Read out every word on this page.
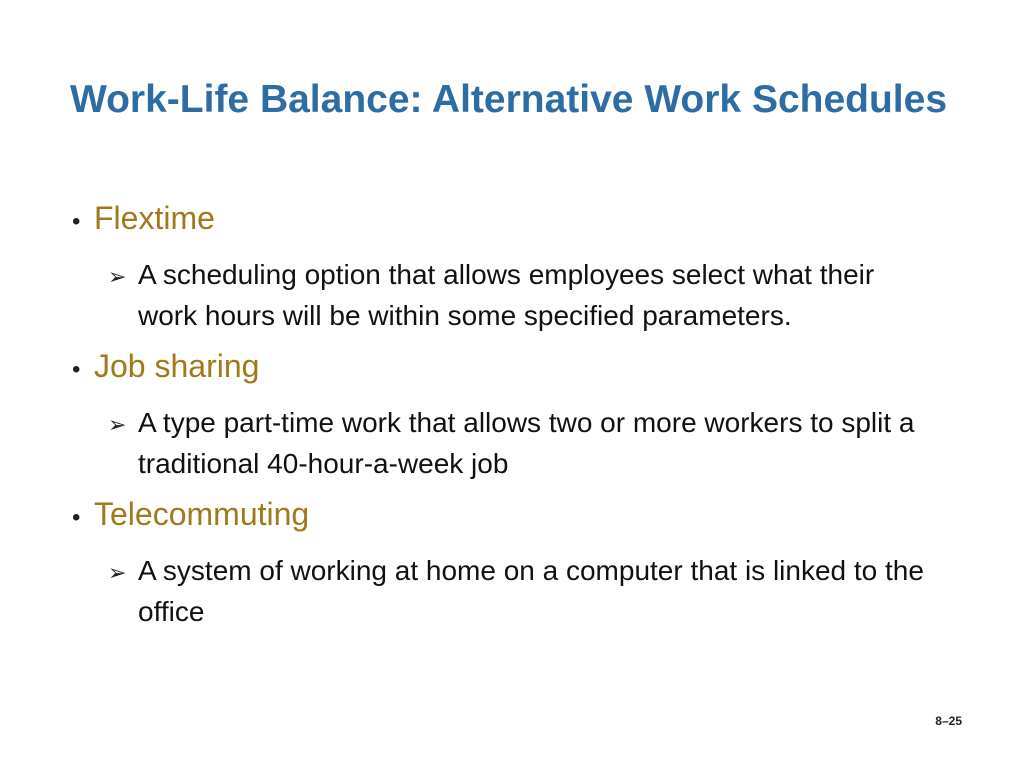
Work-Life Balance: Alternative Work Schedules
• Flextime
➢ A scheduling option that allows employees select what their work hours will be within some specified parameters.
• Job sharing
➢ A type part-time work that allows two or more workers to split a traditional 40-hour-a-week job
• Telecommuting
➢ A system of working at home on a computer that is linked to the office
8–25
